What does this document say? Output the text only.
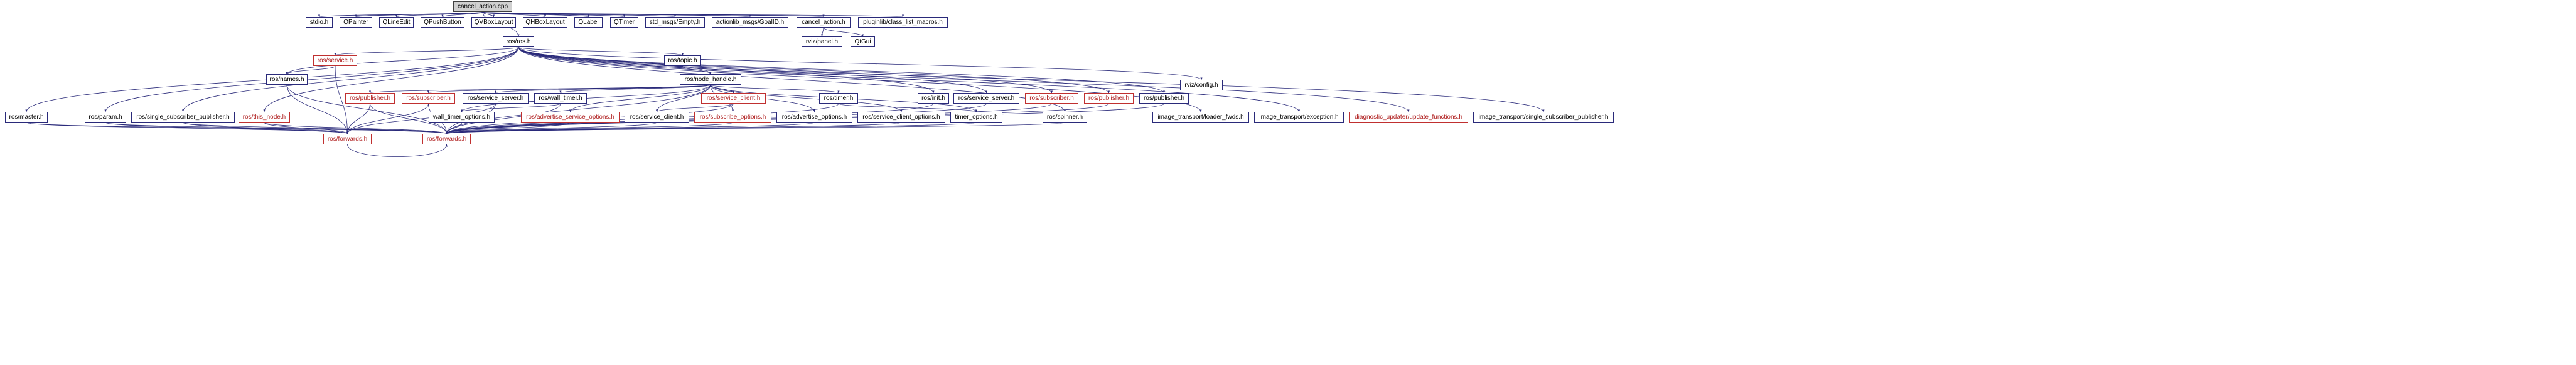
cancel_action.cpp
stdio.h QPainter QLineEdit QPushButton QVBoxLayout QHBoxLayout QLabel QTimer std_msgs/Empty.h actionlib_msgs/GoalID.h	cancel_action.h	pluginlib/class_list_macros.h
rviz/panel.h	QtGui
ros/ros.h
ros/service.h	ros/topic.h
rviz/config.h
ros/names.h	ros/node_handle.h
ros/publisher.h	ros/subscriber.h	ros/service_server.h ros/wall_timer.h	ros/service_client.h	ros/timer.h	ros/init.h ros/service_server.h ros/subscriber.h ros/publisher.h ros/publisher.h
ros/master.h	ros/param.h ros/single_subscriber_publisher.h ros/this_node.h	wall_timer_options.h	ros/advertise_service_options.h ros/service_client.h	ros/subscribe_options.h	ros/advertise_options.h	ros/service_client_options.h timer_options.h	ros/spinner.h	image_transport/loader_fwds.h image_transport/exception.h	diagnostic_updater/update_functions.h	image_transport/single_subscriber_publisher.h
ros/forwards.h	ros/forwards.h
